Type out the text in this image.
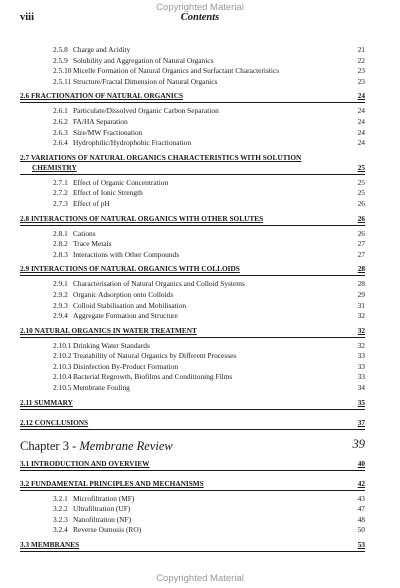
Copyrighted Material
viii	Contents
2.5.8 Charge and Acidity	21
2.5.9 Solubility and Aggregation of Natural Organics	22
2.5.10 Micelle Formation of Natural Organics and Surfactant Characteristics	23
2.5.11 Structure/Fractal Dimension of Natural Organics	23
2.6 FRACTIONATION OF NATURAL ORGANICS	24
2.6.1 Particulate/Dissolved Organic Carbon Separation	24
2.6.2 FA/HA Separation	24
2.6.3 Size/MW Fractionation	24
2.6.4 Hydrophilic/Hydrophobic Fractionation	24
2.7 VARIATIONS OF NATURAL ORGANICS CHARACTERISTICS WITH SOLUTION
CHEMISTRY	25
2.7.1 Effect of Organic Concentration	25
2.7.2 Effect of Ionic Strength	25
2.7.3 Effect of pH	26
2.8 INTERACTIONS OF NATURAL ORGANICS WITH OTHER SOLUTES	26
2.8.1 Cations	26
2.8.2 Trace Metals	27
2.8.3 Interactions with Other Compounds	27
2.9 INTERACTIONS OF NATURAL ORGANICS WITH COLLOIDS	28
2.9.1 Characterisation of Natural Organics and Colloid Systems	28
2.9.2 Organic Adsorption onto Colloids	29
2.9.3 Colloid Stabilisation and Mobilisation	31
2.9.4 Aggregate Formation and Structure	32
2.10 NATURAL ORGANICS IN WATER TREATMENT	32
2.10.1 Drinking Water Standards	32
2.10.2 Treatability of Natural Organics by Different Processes	33
2.10.3 Disinfection By-Product Formation	33
2.10.4 Bacterial Regrowth, Biofilms and Conditioning Films	33
2.10.5 Membrane Fouling	34
2.11 SUMMARY	35
2.12 CONCLUSIONS	37
Chapter 3 - Membrane Review	39
3.1 INTRODUCTION AND OVERVIEW	40
3.2 FUNDAMENTAL PRINCIPLES AND MECHANISMS	42
3.2.1 Microfiltration (MF)	43
3.2.2 Ultrafiltration (UF)	47
3.2.3 Nanofiltration (NF)	48
3.2.4 Reverse Osmosis (RO)	50
3.3 MEMBRANES	53
Copyrighted Material
